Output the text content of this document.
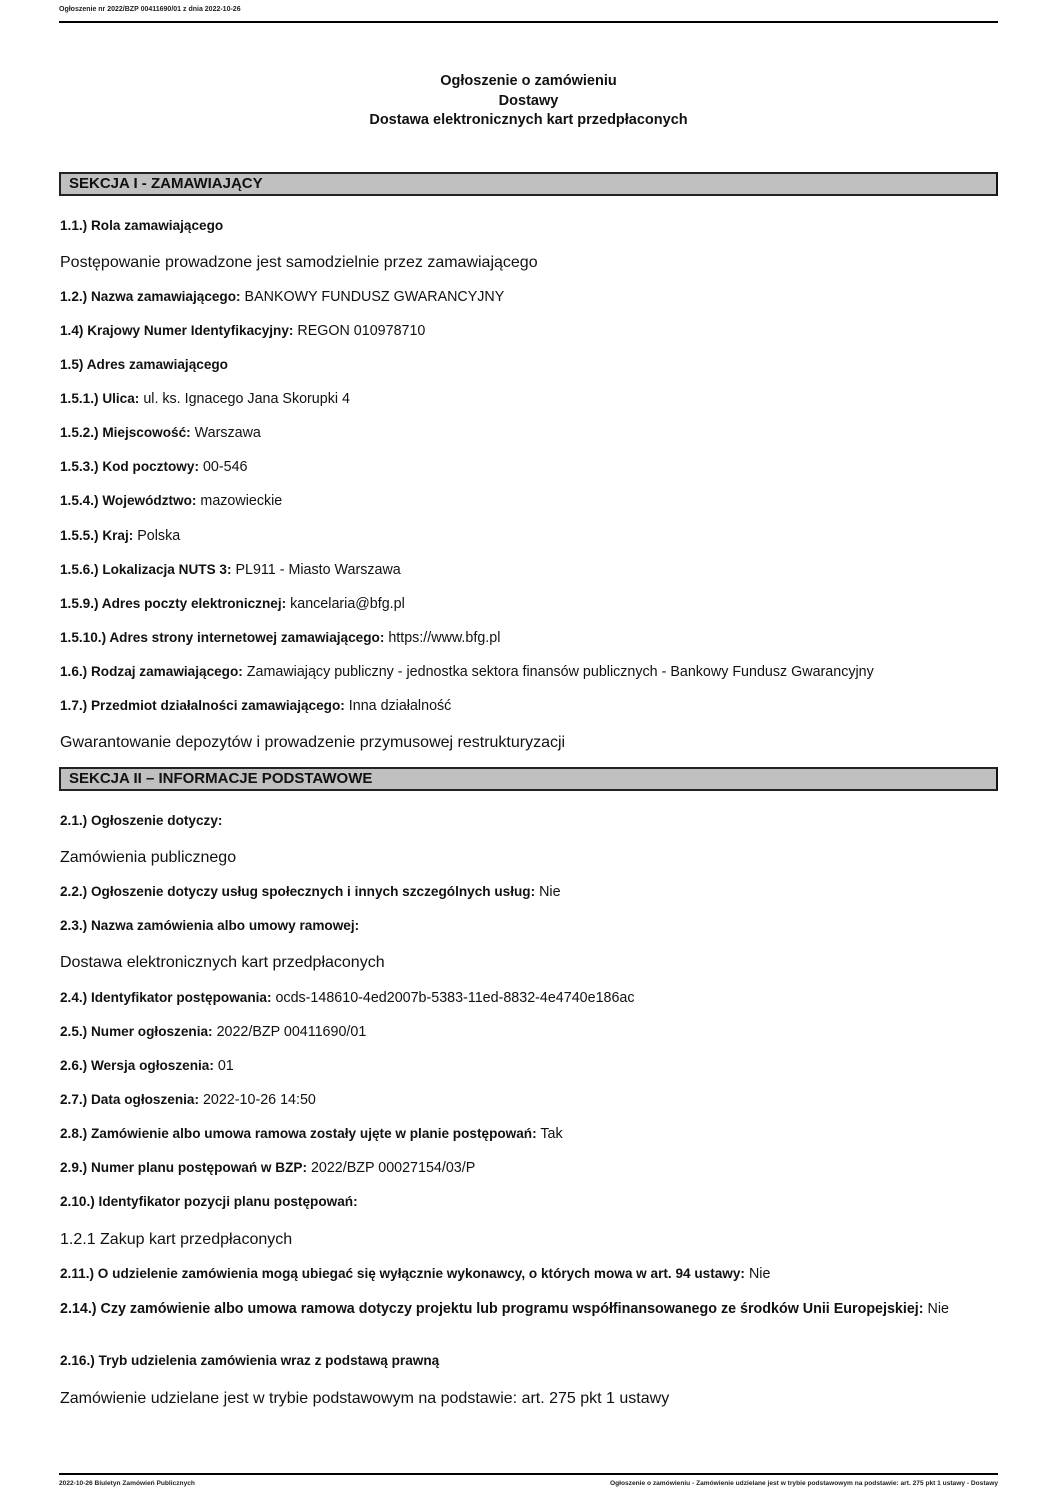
Ogłoszenie nr 2022/BZP 00411690/01 z dnia 2022-10-26
Ogłoszenie o zamówieniu
Dostawy
Dostawa elektronicznych kart przedpłaconych
SEKCJA I - ZAMAWIAJĄCY
1.1.) Rola zamawiającego
Postępowanie prowadzone jest samodzielnie przez zamawiającego
1.2.) Nazwa zamawiającego: BANKOWY FUNDUSZ GWARANCYJNY
1.4) Krajowy Numer Identyfikacyjny: REGON 010978710
1.5) Adres zamawiającego
1.5.1.) Ulica: ul. ks. Ignacego Jana Skorupki 4
1.5.2.) Miejscowość: Warszawa
1.5.3.) Kod pocztowy: 00-546
1.5.4.) Województwo: mazowieckie
1.5.5.) Kraj: Polska
1.5.6.) Lokalizacja NUTS 3: PL911 - Miasto Warszawa
1.5.9.) Adres poczty elektronicznej: kancelaria@bfg.pl
1.5.10.) Adres strony internetowej zamawiającego: https://www.bfg.pl
1.6.) Rodzaj zamawiającego: Zamawiający publiczny - jednostka sektora finansów publicznych - Bankowy Fundusz Gwarancyjny
1.7.) Przedmiot działalności zamawiającego: Inna działalność
Gwarantowanie depozytów i prowadzenie przymusowej restrukturyzacji
SEKCJA II – INFORMACJE PODSTAWOWE
2.1.) Ogłoszenie dotyczy:
Zamówienia publicznego
2.2.) Ogłoszenie dotyczy usług społecznych i innych szczególnych usług: Nie
2.3.) Nazwa zamówienia albo umowy ramowej:
Dostawa elektronicznych kart przedpłaconych
2.4.) Identyfikator postępowania: ocds-148610-4ed2007b-5383-11ed-8832-4e4740e186ac
2.5.) Numer ogłoszenia: 2022/BZP 00411690/01
2.6.) Wersja ogłoszenia: 01
2.7.) Data ogłoszenia: 2022-10-26 14:50
2.8.) Zamówienie albo umowa ramowa zostały ujęte w planie postępowań: Tak
2.9.) Numer planu postępowań w BZP: 2022/BZP 00027154/03/P
2.10.) Identyfikator pozycji planu postępowań:
1.2.1 Zakup kart przedpłaconych
2.11.) O udzielenie zamówienia mogą ubiegać się wyłącznie wykonawcy, o których mowa w art. 94 ustawy: Nie
2.14.) Czy zamówienie albo umowa ramowa dotyczy projektu lub programu współfinansowanego ze środków Unii Europejskiej: Nie
2.16.) Tryb udzielenia zamówienia wraz z podstawą prawną
Zamówienie udzielane jest w trybie podstawowym na podstawie: art. 275 pkt 1 ustawy
2022-10-26 Biuletyn Zamówień Publicznych	Ogłoszenie o zamówieniu - Zamówienie udzielane jest w trybie podstawowym na podstawie: art. 275 pkt 1 ustawy - Dostawy
